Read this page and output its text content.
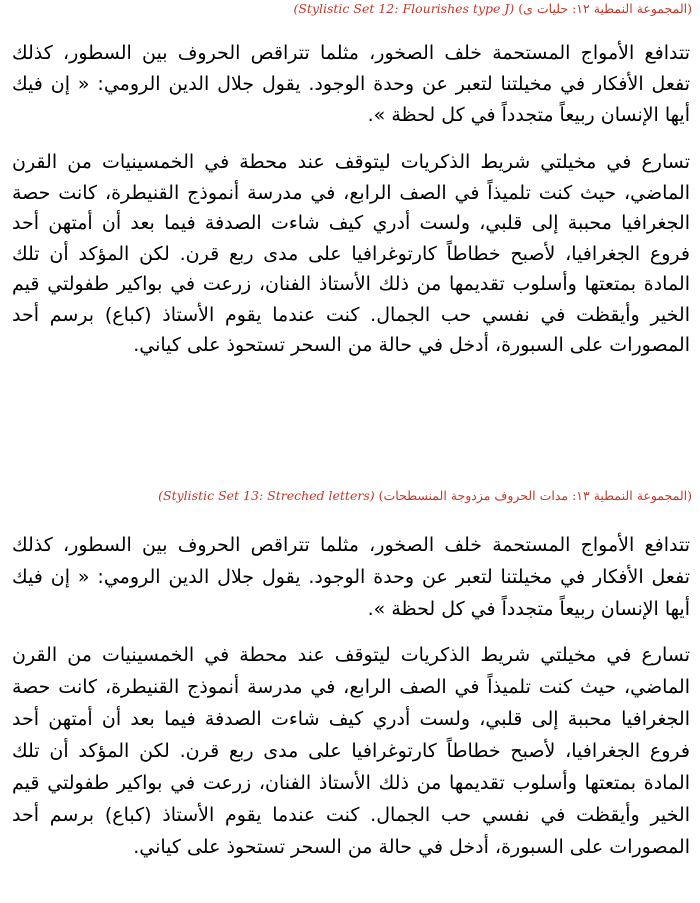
(المجموعة النمطية ١٢: حليات ى) (Stylistic Set 12: Flourishes type J)

تتدافع الأمواج المستحمة خلف الصخور، مثلما تتراقص الحروف بين السطور، كذلك تفعل الأفكار في مخيلتنا لتعبر عن وحدة الوجود. يقول جلال الدين الرومي: « إن فيك أيها الإنسان ربيعاً متجدداً في كل لحظة ».

تسارع في مخيلتي شريط الذكريات ليتوقف عند محطة في الخمسينيات من القرن الماضي، حيث كنت تلميذاً في الصف الرابع، في مدرسة أنموذج القنيطرة، كانت حصة الجغرافيا محببة إلى قلبي، ولست أدري كيف شاءت الصدفة فيما بعد أن أمتهن أحد فروع الجغرافيا، لأصبح خطاطاً كارتوغرافيا على مدى ربع قرن. لكن المؤكد أن تلك المادة بمتعتها وأسلوب تقديمها من ذلك الأستاذ الفنان، زرعت في بواكير طفولتي قيم الخير وأيقظت في نفسي حب الجمال. كنت عندما يقوم الأستاذ (كباع) برسم أحد المصورات على السبورة، أدخل في حالة من السحر تستحوذ على كياني.

(المجموعة النمطية ١٣: مدات الحروف مزدوجة المنسطحات) (Stylistic Set 13: Streched letters)

تتدافع الأمواج المستحمة خلف الصخور، مثلما تتراقص الحروف بين السطور، كذلك تفعل الأفكار في مخيلتنا لتعبر عن وحدة الوجود. يقول جلال الدين الرومي: « إن فيك أيها الإنسان ربيعاً متجدداً في كل لحظة ».

تسارع في مخيلتي شريط الذكريات ليتوقف عند محطة في الخمسينيات من القرن الماضي، حيث كنت تلميذاً في الصف الرابع، في مدرسة أنموذج القنيطرة، كانت حصة الجغرافيا محببة إلى قلبي، ولست أدري كيف شاءت الصدفة فيما بعد أن أمتهن أحد فروع الجغرافيا، لأصبح خطاطاً كارتوغرافيا على مدى ربع قرن. لكن المؤكد أن تلك المادة بمتعتها وأسلوب تقديمها من ذلك الأستاذ الفنان، زرعت في بواكير طفولتي قيم الخير وأيقظت في نفسي حب الجمال. كنت عندما يقوم الأستاذ (كباع) برسم أحد المصورات على السبورة، أدخل في حالة من السحر تستحوذ على كياني.
